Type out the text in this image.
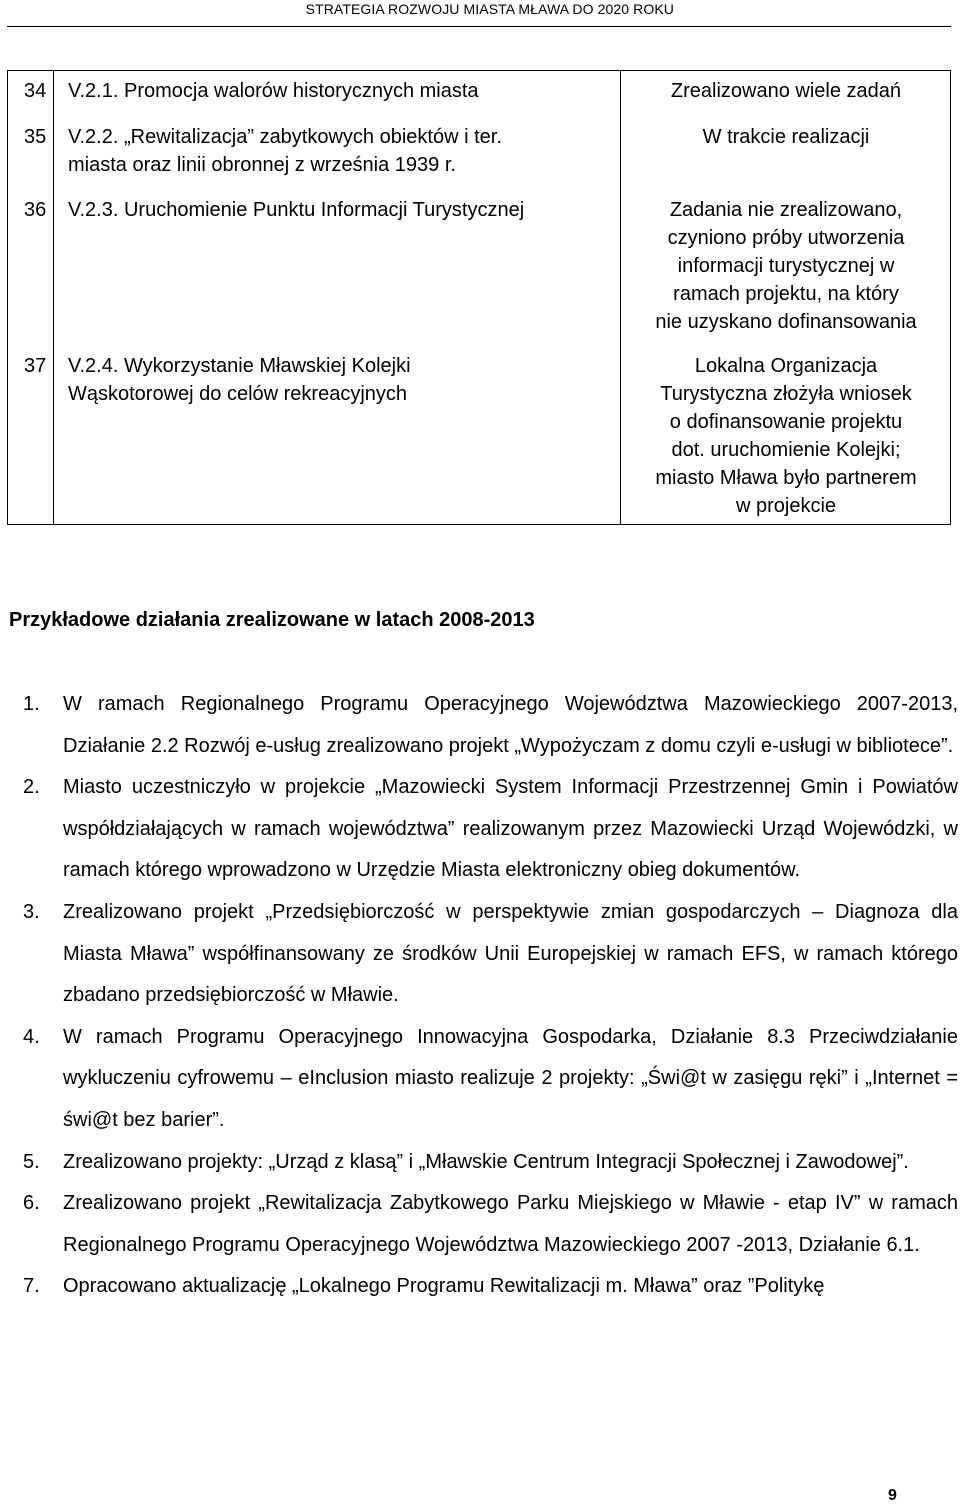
STRATEGIA ROZWOJU MIASTA MŁAWA DO 2020 ROKU
34 V.2.1. Promocja walorów historycznych miasta	Zrealizowano wiele zadań
35 V.2.2. „Rewitalizacja” zabytkowych obiektów i ter.
miasta oraz linii obronnej z września 1939 r.
W trakcie realizacji
36 V.2.3. Uruchomienie Punktu Informacji Turystycznej	Zadania nie zrealizowano,
czyniono próby utworzenia
informacji turystycznej w
ramach projektu, na który
nie uzyskano dofinansowania
37 V.2.4. Wykorzystanie Mławskiej Kolejki
Wąskotorowej do celów rekreacyjnych
Lokalna Organizacja
Turystyczna złożyła wniosek
o dofinansowanie projektu
dot. uruchomienie Kolejki;
miasto Mława było partnerem
w projekcie
Przykładowe działania zrealizowane w latach 2008-2013
1. W ramach Regionalnego Programu Operacyjnego Województwa Mazowieckiego 2007-2013, Działanie 2.2 Rozwój e-usług zrealizowano projekt „Wypożyczam z domu czyli e-usługi w bibliotece”.
2. Miasto uczestniczyło w projekcie „Mazowiecki System Informacji Przestrzennej Gmin i Powiatów współdziałających w ramach województwa” realizowanym przez Mazowiecki Urząd Wojewódzki, w ramach którego wprowadzono w Urzędzie Miasta elektroniczny obieg dokumentów.
3. Zrealizowano projekt „Przedsiębiorczość w perspektywie zmian gospodarczych – Diagnoza dla Miasta Mława” współfinansowany ze środków Unii Europejskiej w ramach EFS, w ramach którego zbadano przedsiębiorczość w Mławie.
4. W ramach Programu Operacyjnego Innowacyjna Gospodarka, Działanie 8.3 Przeciwdziałanie wykluczeniu cyfrowemu – eInclusion miasto realizuje 2 projekty: „Świ@t w zasięgu ręki” i „Internet = świ@t bez barier”.
5. Zrealizowano projekty: „Urząd z klasą” i „Mławskie Centrum Integracji Społecznej i Zawodowej”.
6. Zrealizowano projekt „Rewitalizacja Zabytkowego Parku Miejskiego w Mławie - etap IV” w ramach Regionalnego Programu Operacyjnego Województwa Mazowieckiego 2007 -2013, Działanie 6.1.
7. Opracowano aktualizację „Lokalnego Programu Rewitalizacji m. Mława” oraz ”Politykę
9
